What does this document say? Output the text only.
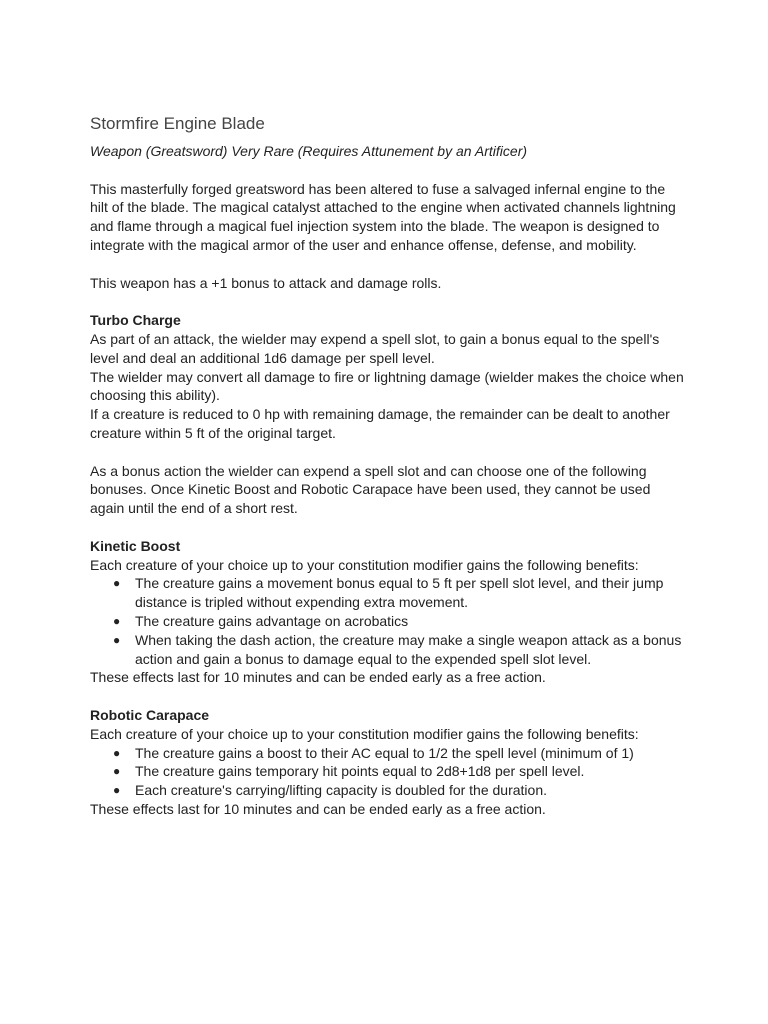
Stormfire Engine Blade

Weapon (Greatsword) Very Rare (Requires Attunement by an Artificer)

This masterfully forged greatsword has been altered to fuse a salvaged infernal engine to the
hilt of the blade. The magical catalyst attached to the engine when activated channels lightning
and flame through a magical fuel injection system into the blade. The weapon is designed to
integrate with the magical armor of the user and enhance offense, defense, and mobility.
This weapon has a +1 bonus to attack and damage rolls.
Turbo Charge
As part of an attack, the wielder may expend a spell slot, to gain a bonus equal to the spell's
level and deal an additional 1d6 damage per spell level.
The wielder may convert all damage to fire or lightning damage (wielder makes the choice when
choosing this ability).
If a creature is reduced to 0 hp with remaining damage, the remainder can be dealt to another
creature within 5 ft of the original target.
As a bonus action the wielder can expend a spell slot and can choose one of the following
bonuses. Once Kinetic Boost and Robotic Carapace have been used, they cannot be used
again until the end of a short rest.
Kinetic Boost
Each creature of your choice up to your constitution modifier gains the following benefits:
● The creature gains a movement bonus equal to 5 ft per spell slot level, and their jump
distance is tripled without expending extra movement.
● The creature gains advantage on acrobatics
● When taking the dash action, the creature may make a single weapon attack as a bonus
action and gain a bonus to damage equal to the expended spell slot level.
These effects last for 10 minutes and can be ended early as a free action.
Robotic Carapace
Each creature of your choice up to your constitution modifier gains the following benefits:
● The creature gains a boost to their AC equal to 1/2 the spell level (minimum of 1)
● The creature gains temporary hit points equal to 2d8+1d8 per spell level.
● Each creature's carrying/lifting capacity is doubled for the duration.
These effects last for 10 minutes and can be ended early as a free action.
